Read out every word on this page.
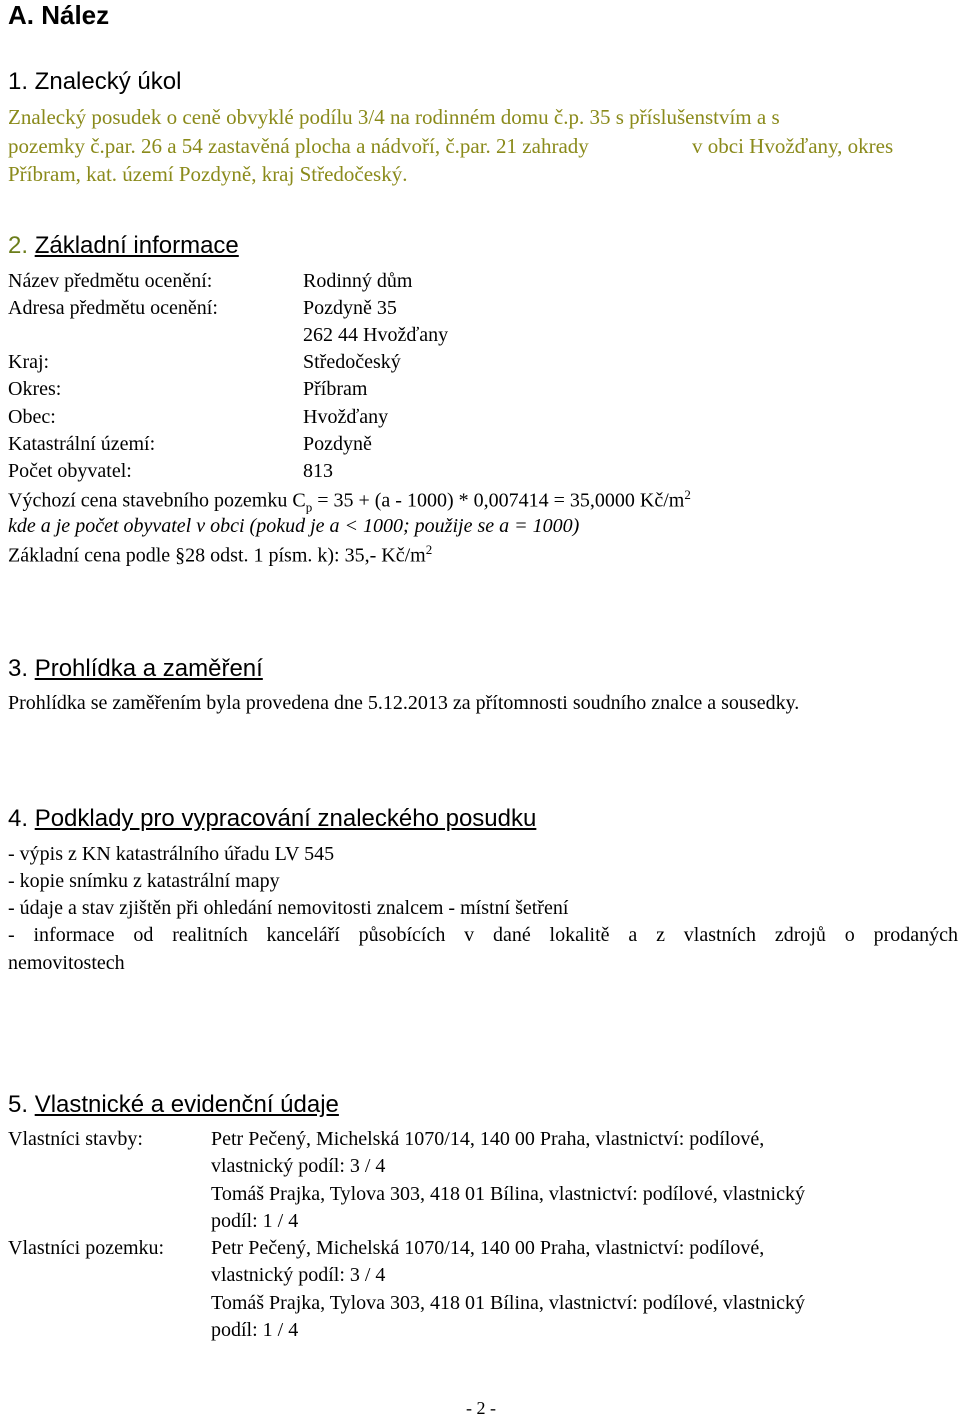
A. Nález
1. Znalecký úkol
Znalecký posudek o ceně obvyklé podílu 3/4 na rodinném domu č.p. 35 s příslušenstvím a s
pozemky č.par. 26 a 54 zastavěná plocha a nádvoří, č.par. 21 zahrady	v obci Hvožďany, okres
Příbram, kat. území Pozdyně, kraj Středočeský.
2. Základní informace
Název předmětu ocenění:	Rodinný dům
Adresa předmětu ocenění:	Pozdyně 35
262 44 Hvožďany
Kraj:	Středočeský
Okres:	Příbram
Obec:	Hvožďany
Katastrální území:	Pozdyně
Počet obyvatel:	813
Výchozí cena stavebního pozemku $C_p = 35 + (a - 1000) * 0,007414 = 35,0000$ $Kč/m^2$
kde a je počet obyvatel v obci (pokud je a < 1000; použije se a = 1000)
Základní cena podle §28 odst. 1 písm. k): 35,- $Kč/m^2$
3. Prohlídka a zaměření
Prohlídka se zaměřením byla provedena dne 5.12.2013 za přítomnosti soudního znalce a sousedky.
4. Podklady pro vypracování znaleckého posudku
- výpis z KN katastrálního úřadu LV 545
- kopie snímku z katastrální mapy
- údaje a stav zjištěn při ohledání nemovitosti znalcem - místní šetření
- informace od realitních kanceláří působících v dané lokalitě a z vlastních zdrojů o prodaných
nemovitostech
5. Vlastnické a evidenční údaje
Vlastníci stavby:	Petr Pečený, Michelská 1070/14, 140 00 Praha, vlastnictví: podílové,
vlastnický podíl: 3 / 4
Tomáš Prajka, Tylova 303, 418 01 Bílina, vlastnictví: podílové, vlastnický
podíl: 1 / 4
Vlastníci pozemku: Petr Pečený, Michelská 1070/14, 140 00 Praha, vlastnictví: podílové,
vlastnický podíl: 3 / 4
Tomáš Prajka, Tylova 303, 418 01 Bílina, vlastnictví: podílové, vlastnický
podíl: 1 / 4
- 2 -
